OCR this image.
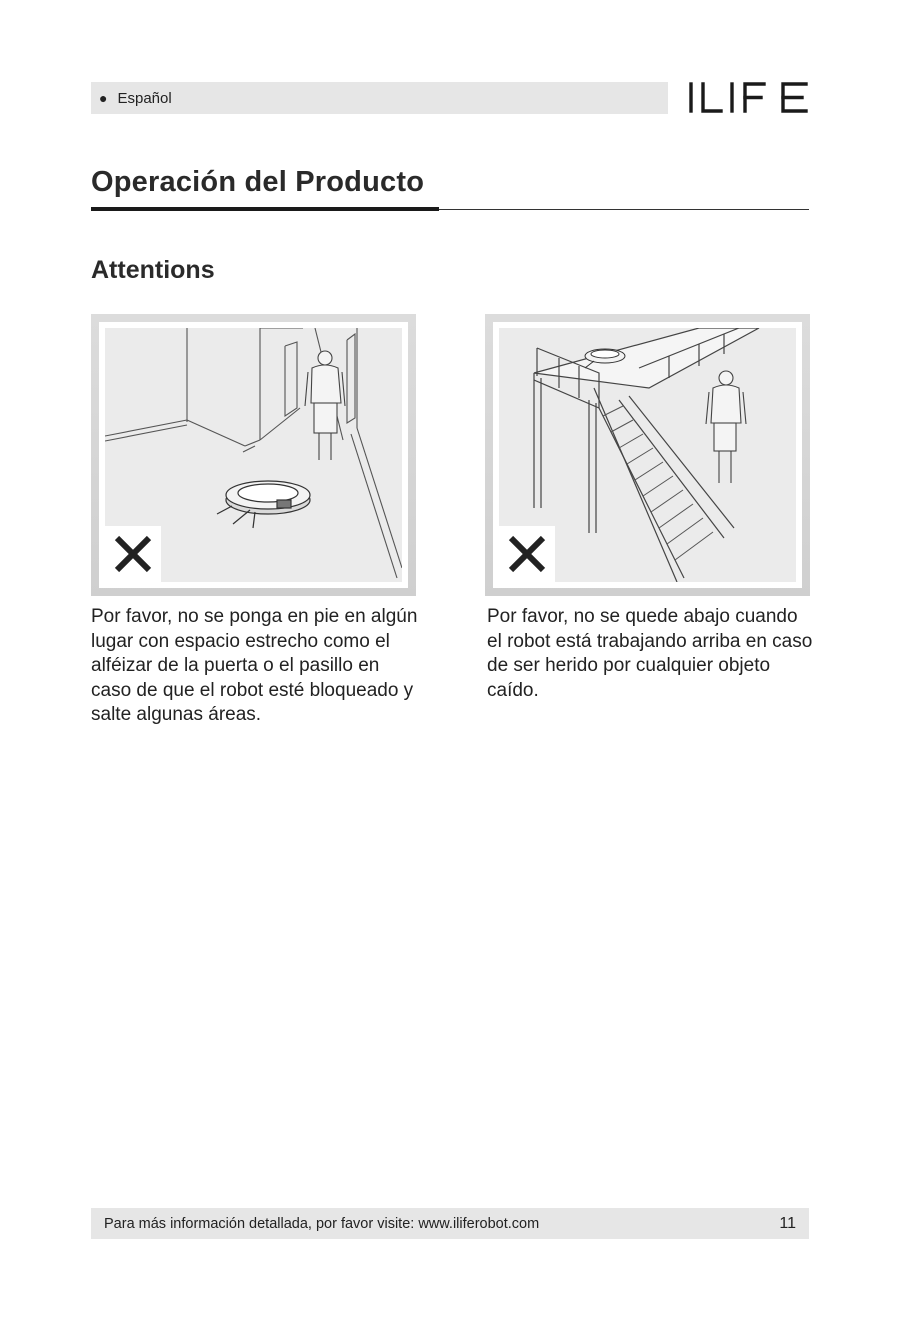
● Español
Operación del Producto
Attentions
Por favor, no se ponga en pie en algún lugar con espacio estrecho como el alféizar de la puerta o el pasillo en caso de que el robot esté bloqueado y salte algunas áreas.
Por favor, no se quede abajo cuando el robot está trabajando arriba en caso de ser herido por cualquier objeto caído.
Para más información detallada, por favor visite: www.iliferobot.com	11
